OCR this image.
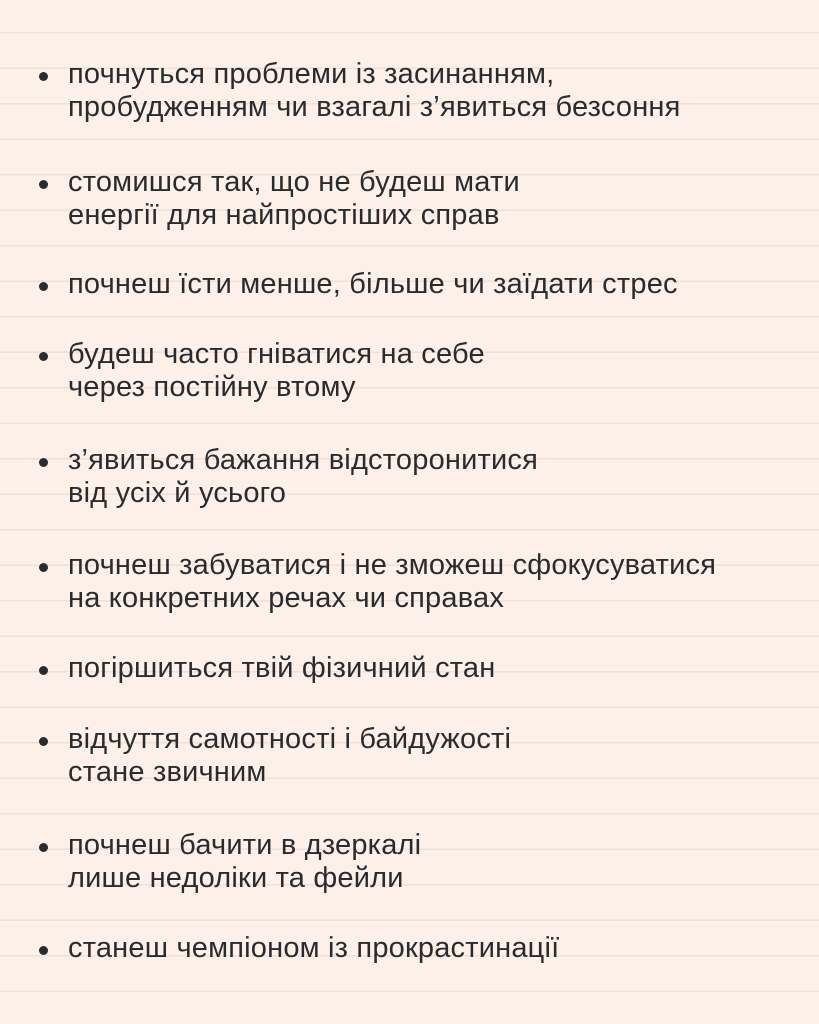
почнуться проблеми із засинанням,
пробудженням чи взагалі з’явиться безсоння
стомишся так, що не будеш мати
енергії для найпростіших справ
почнеш їсти менше, більше чи заїдати стрес
будеш часто гніватися на себе
через постійну втому
з’явиться бажання відсторонитися
від усіх й усього
почнеш забуватися і не зможеш сфокусуватися
на конкретних речах чи справах
погіршиться твій фізичний стан
відчуття самотності і байдужості
стане звичним
почнеш бачити в дзеркалі
лише недоліки та фейли
станеш чемпіоном із прокрастинації
